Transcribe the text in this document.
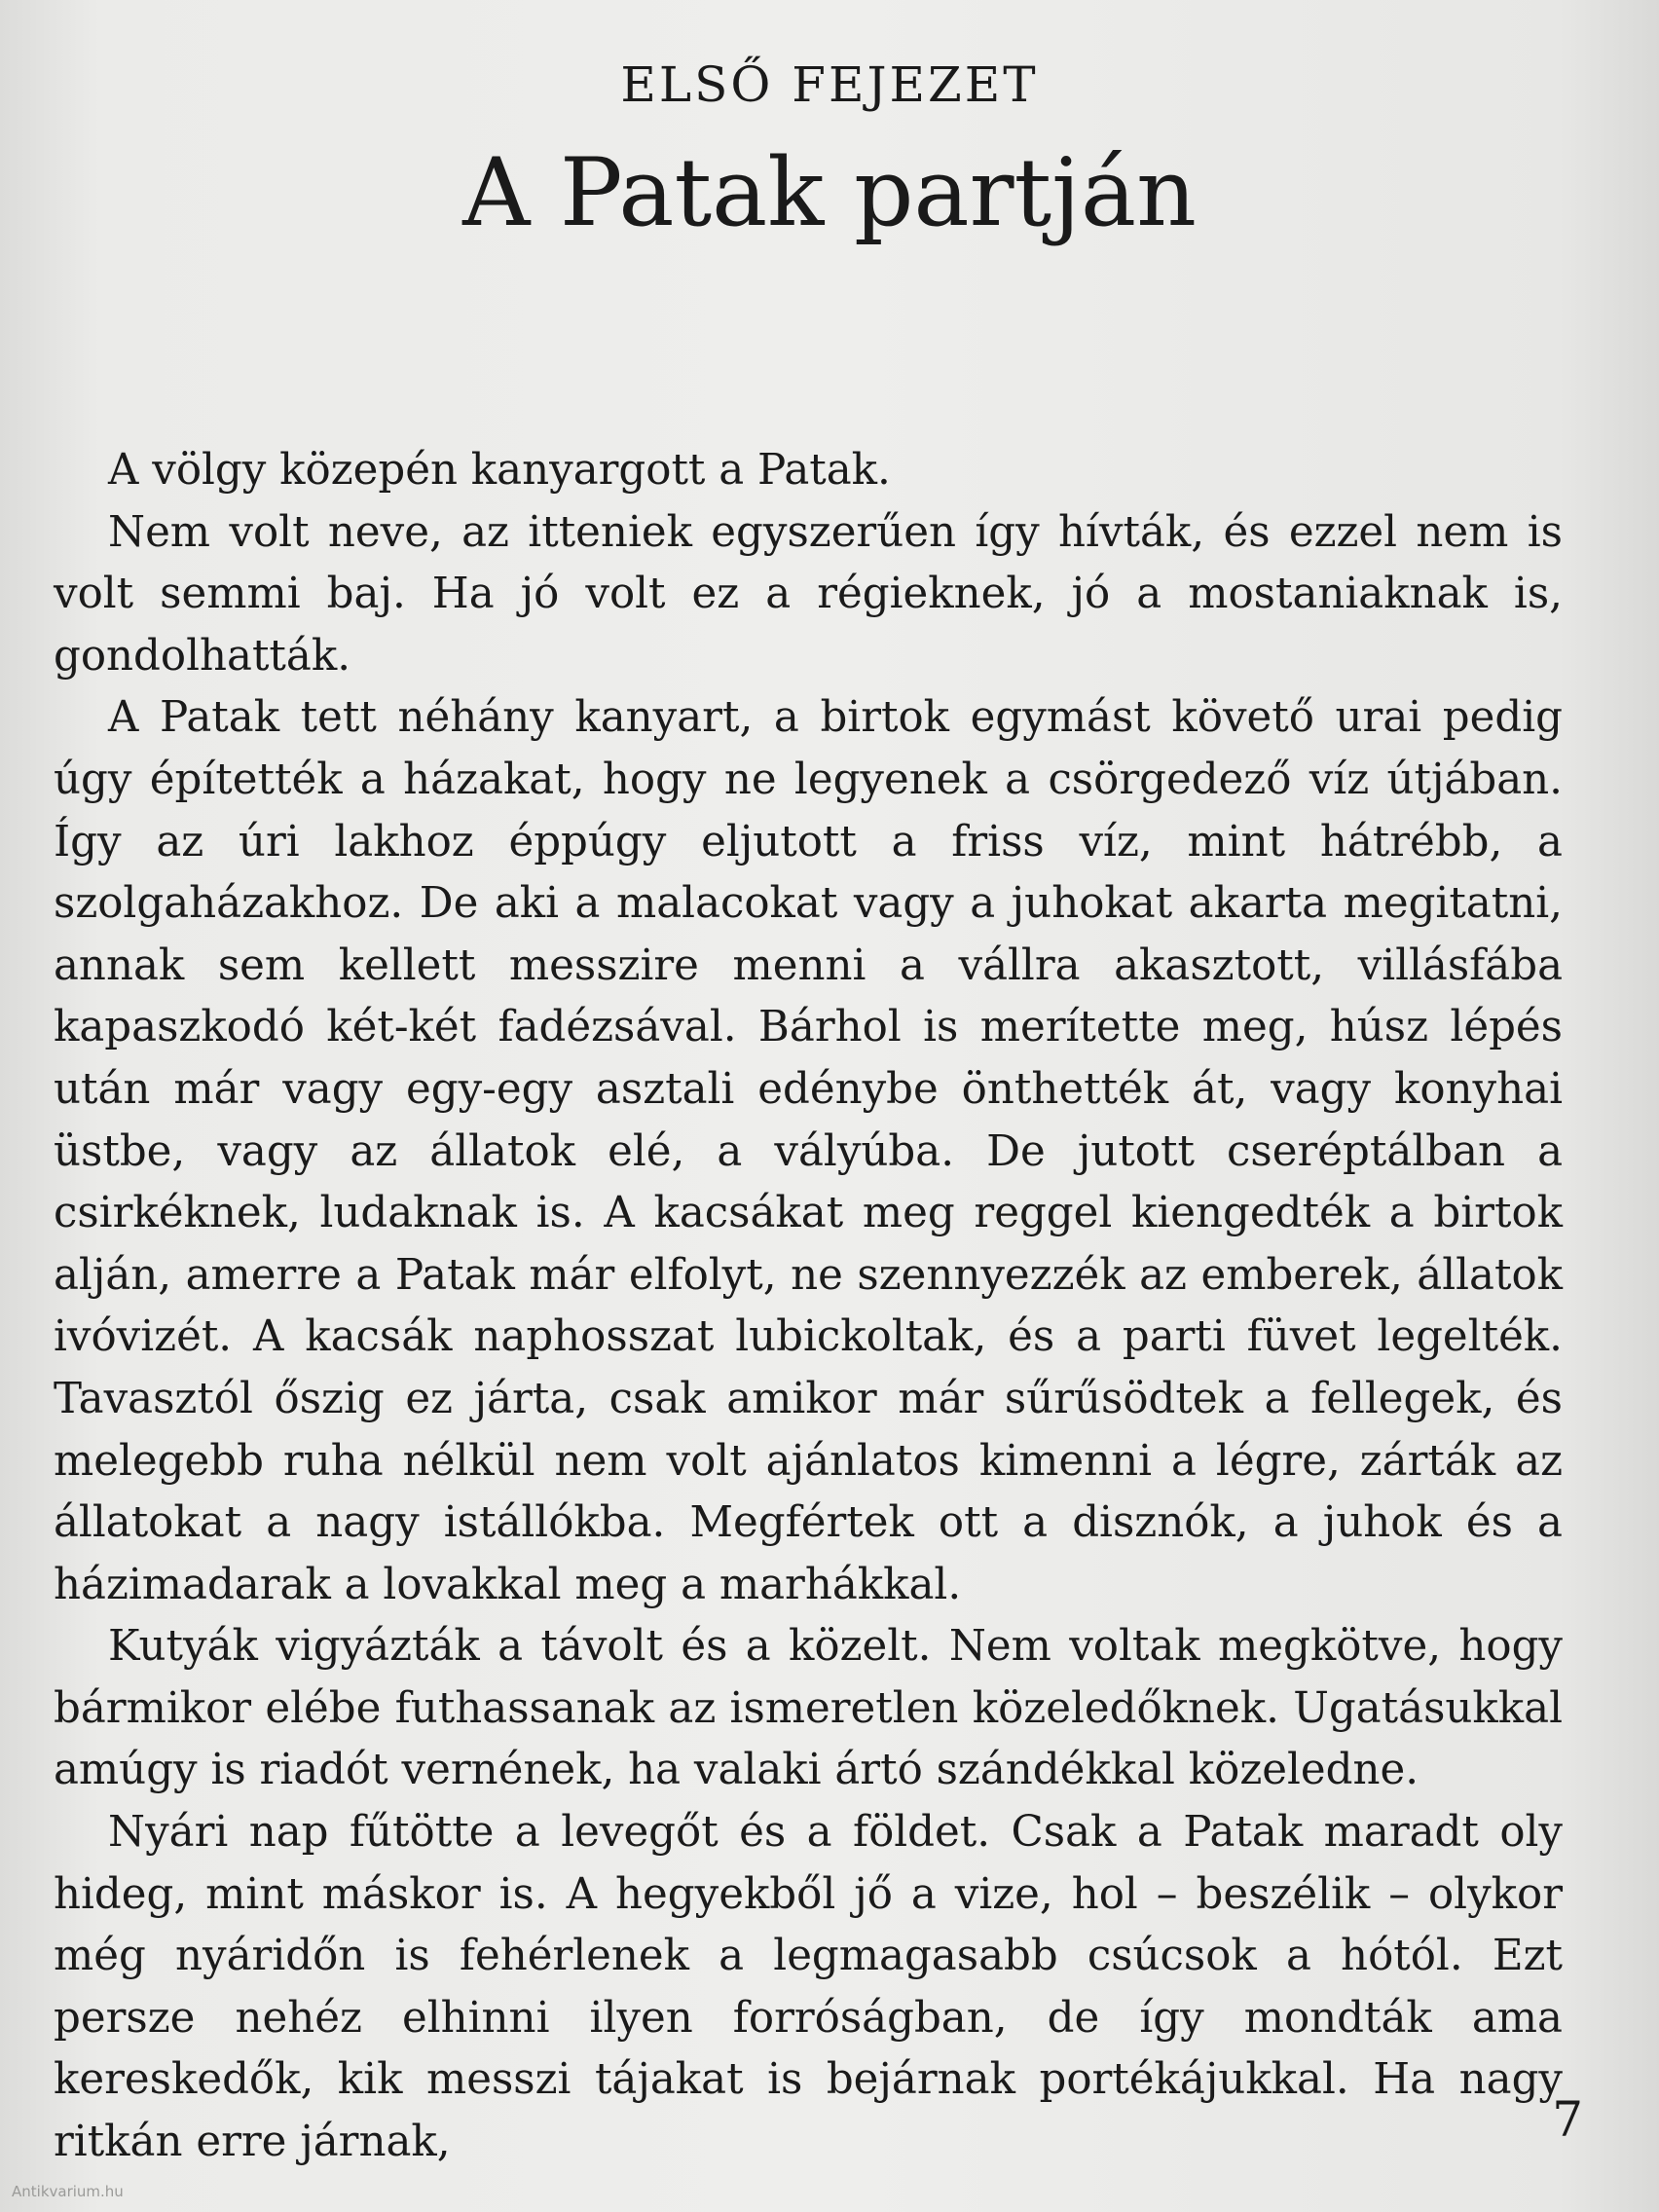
ELSŐ FEJEZET
A Patak partján

A völgy közepén kanyargott a Patak.

Nem volt neve, az itteniek egyszerűen így hívták, és ezzel nem is volt semmi baj. Ha jó volt ez a régieknek, jó a mostaniaknak is, gondolhatták.

A Patak tett néhány kanyart, a birtok egymást követő urai pedig úgy építették a házakat, hogy ne legyenek a csörgedező víz útjában. Így az úri lakhoz éppúgy eljutott a friss víz, mint hátrébb, a szolgaházakhoz. De aki a malacokat vagy a juhokat akarta megitatni, annak sem kellett messzire menni a vállra akasztott, villásfába kapaszkodó két-két fadézsával. Bárhol is merítette meg, húsz lépés után már vagy egy-egy asztali edénybe önthették át, vagy konyhai üstbe, vagy az állatok elé, a vályúba. De jutott cseréptálban a csirkéknek, ludaknak is. A kacsákat meg reggel kiengedték a birtok alján, amerre a Patak már elfolyt, ne szennyezzék az emberek, állatok ivóvizét. A kacsák naphosszat lubickoltak, és a parti füvet legelték. Tavasztól őszig ez járta, csak amikor már sűrűsödtek a fellegek, és melegebb ruha nélkül nem volt ajánlatos kimenni a légre, zárták az állatokat a nagy istállókba. Megfértek ott a disznók, a juhok és a házimadarak a lovakkal meg a marhákkal.

Kutyák vigyázták a távolt és a közelt. Nem voltak megkötve, hogy bármikor elébe futhassanak az ismeretlen közeledőknek. Ugatásukkal amúgy is riadót vernének, ha valaki ártó szándékkal közeledne.

Nyári nap fűtötte a levegőt és a földet. Csak a Patak maradt oly hideg, mint máskor is. A hegyekből jő a vize, hol – beszélik – olykor még nyáridőn is fehérlenek a legmagasabb csúcsok a hótól. Ezt persze nehéz elhinni ilyen forróságban, de így mondták ama kereskedők, kik messzi tájakat is bejárnak portékájukkal. Ha nagy ritkán erre járnak,	7
Antikvarium.hu
